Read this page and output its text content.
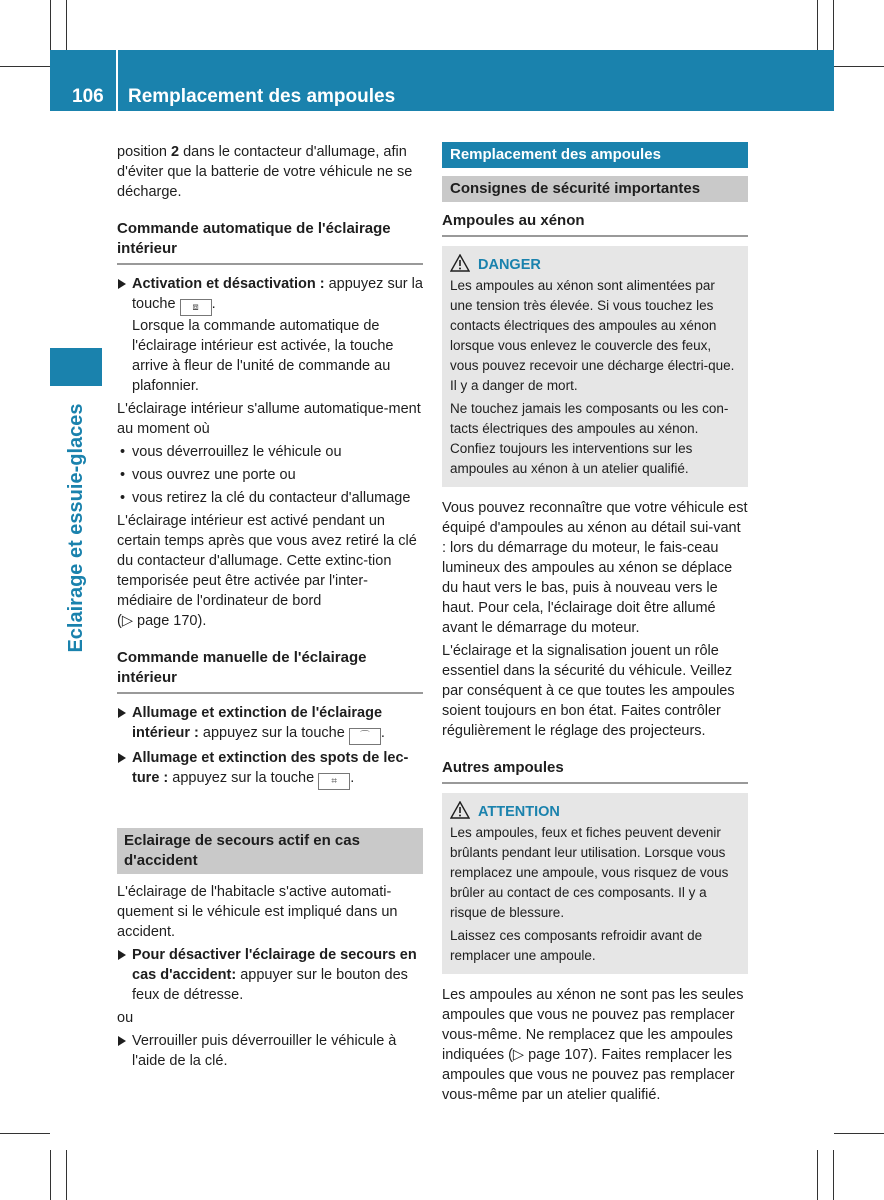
106	Remplacement des ampoules
Eclairage et essuie-glaces

position 2 dans le contacteur d'allumage, afin d'éviter que la batterie de votre véhicule ne se décharge.

Commande automatique de l'éclairage intérieur
Activation et désactivation : appuyez sur la touche ⧈ .
Lorsque la commande automatique de l'éclairage intérieur est activée, la touche arrive à fleur de l'unité de commande au plafonnier.

L'éclairage intérieur s'allume automatique-ment au moment où

• vous déverrouillez le véhicule ou
• vous ouvrez une porte ou
• vous retirez la clé du contacteur d'allumage

L'éclairage intérieur est activé pendant un certain temps après que vous avez retiré la clé du contacteur d'allumage. Cette extinc-tion temporisée peut être activée par l'inter-médiaire de l'ordinateur de bord
(▷ page 170).

Commande manuelle de l'éclairage intérieur
Allumage et extinction de l'éclairage intérieur : appuyez sur la touche ⌒ .
Allumage et extinction des spots de lec-ture : appuyez sur la touche ⌗ .
Eclairage de secours actif en cas d'accident

L'éclairage de l'habitacle s'active automati-quement si le véhicule est impliqué dans un accident.

Pour désactiver l'éclairage de secours en cas d'accident: appuyer sur le bouton des feux de détresse.

ou

Verrouiller puis déverrouiller le véhicule à l'aide de la clé.
Remplacement des ampoules
Consignes de sécurité importantes
Ampoules au xénon
DANGER

Les ampoules au xénon sont alimentées par une tension très élevée. Si vous touchez les contacts électriques des ampoules au xénon lorsque vous enlevez le couvercle des feux, vous pouvez recevoir une décharge électri-que. Il y a danger de mort.

Ne touchez jamais les composants ou les con-tacts électriques des ampoules au xénon. Confiez toujours les interventions sur les ampoules au xénon à un atelier qualifié.

Vous pouvez reconnaître que votre véhicule est équipé d'ampoules au xénon au détail sui-vant : lors du démarrage du moteur, le fais-ceau lumineux des ampoules au xénon se déplace du haut vers le bas, puis à nouveau vers le haut. Pour cela, l'éclairage doit être allumé avant le démarrage du moteur.

L'éclairage et la signalisation jouent un rôle essentiel dans la sécurité du véhicule. Veillez par conséquent à ce que toutes les ampoules soient toujours en bon état. Faites contrôler régulièrement le réglage des projecteurs.

Autres ampoules
ATTENTION

Les ampoules, feux et fiches peuvent devenir brûlants pendant leur utilisation. Lorsque vous remplacez une ampoule, vous risquez de vous brûler au contact de ces composants. Il y a risque de blessure.

Laissez ces composants refroidir avant de remplacer une ampoule.

Les ampoules au xénon ne sont pas les seules ampoules que vous ne pouvez pas remplacer vous-même. Ne remplacez que les ampoules indiquées (▷ page 107). Faites remplacer les ampoules que vous ne pouvez pas remplacer vous-même par un atelier qualifié.
